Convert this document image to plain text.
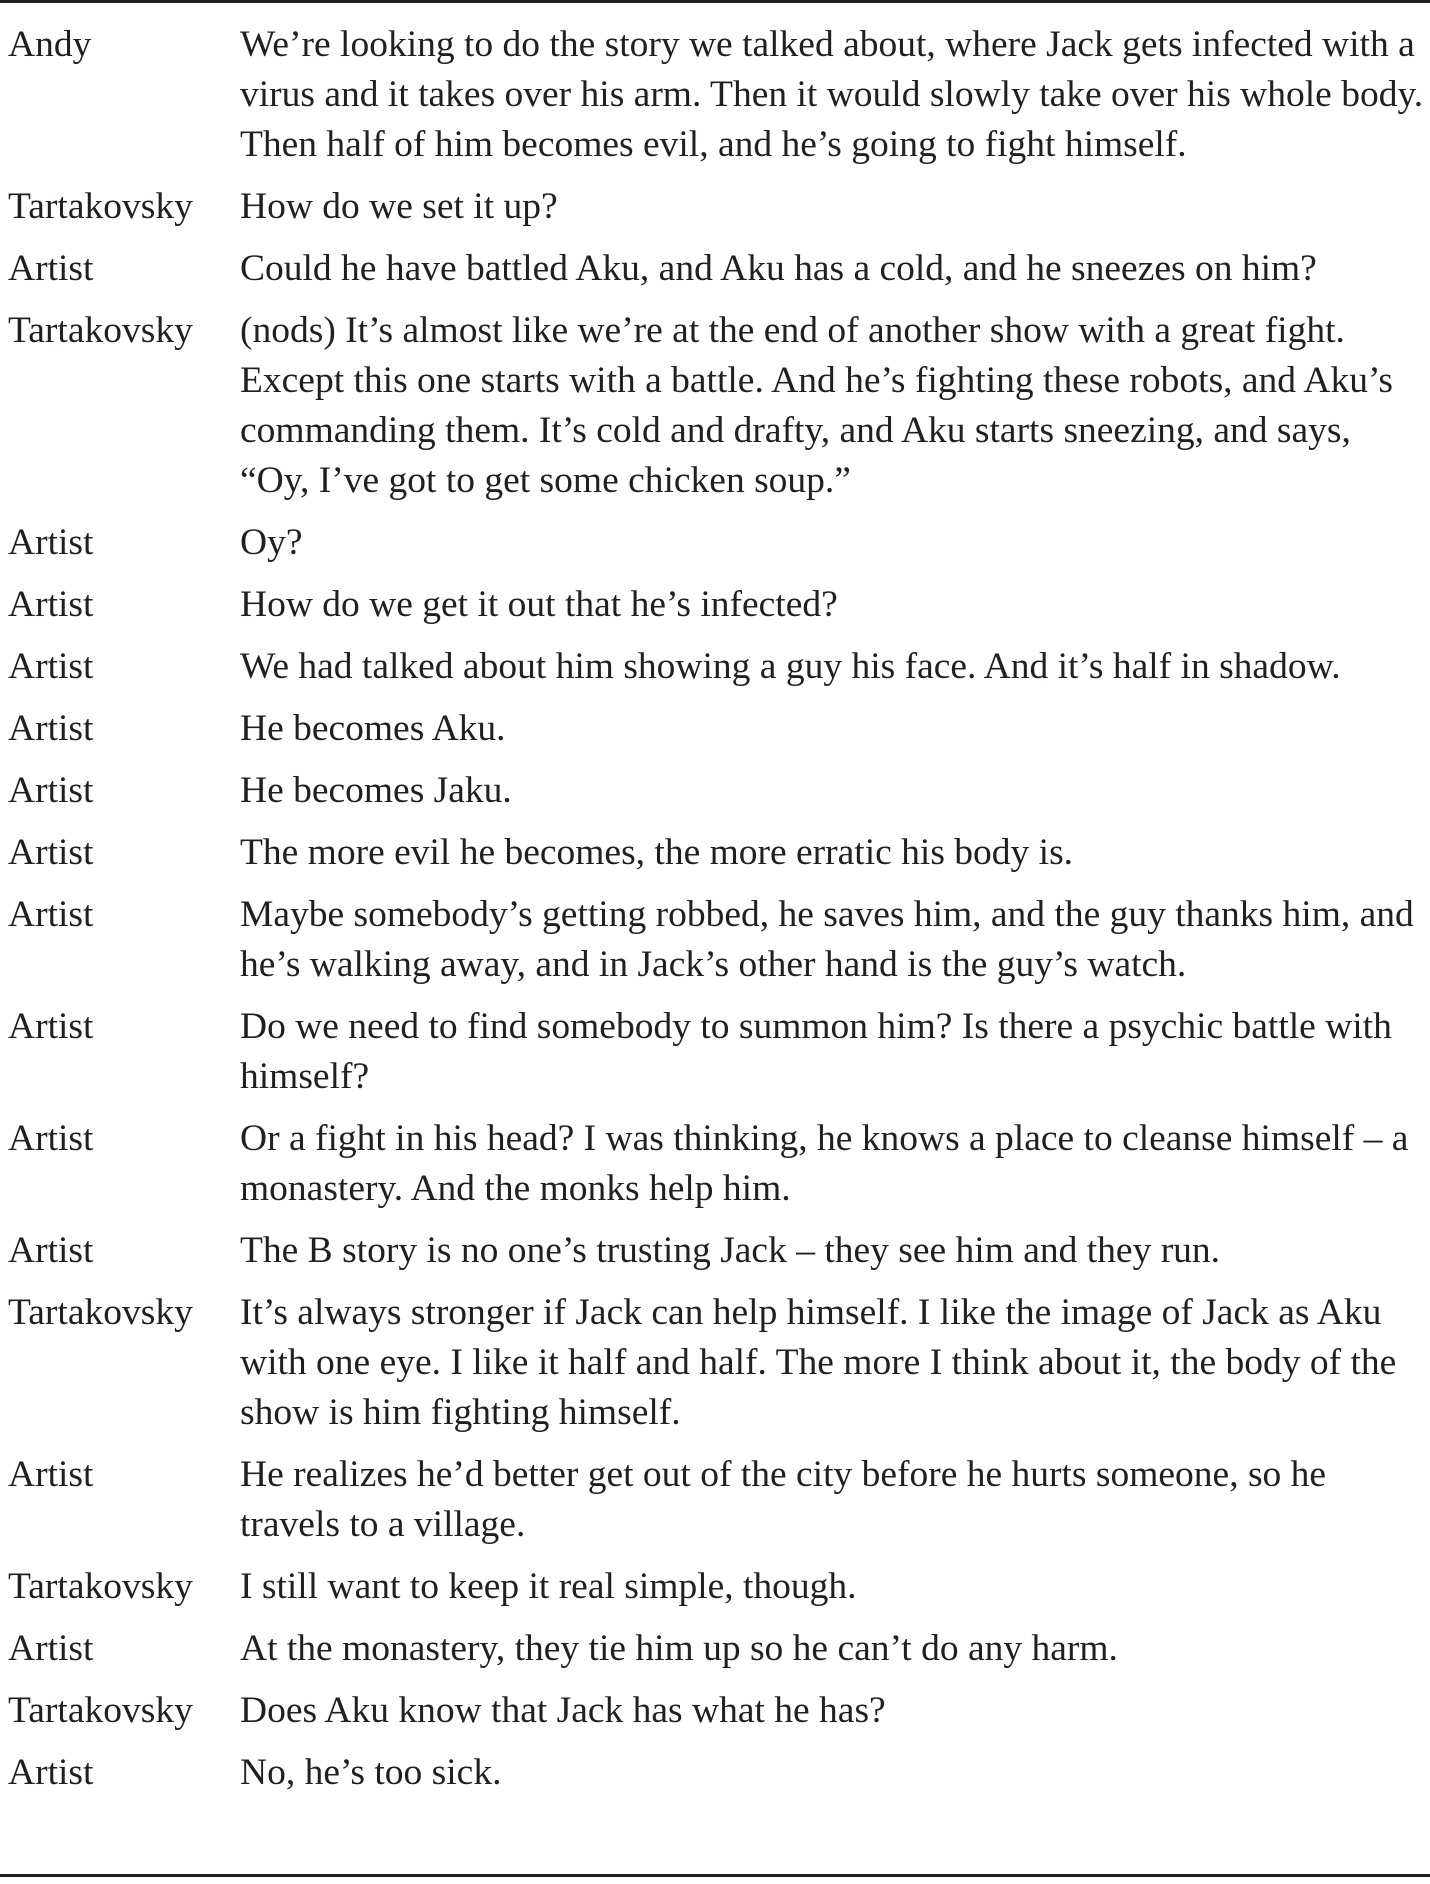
Andy	We’re looking to do the story we talked about, where Jack gets infected with a virus and it takes over his arm. Then it would slowly take over his whole body. Then half of him becomes evil, and he’s going to fight himself.
Tartakovsky	How do we set it up?
Artist	Could he have battled Aku, and Aku has a cold, and he sneezes on him?
Tartakovsky	(nods) It’s almost like we’re at the end of another show with a great fight. Except this one starts with a battle. And he’s fighting these robots, and Aku’s commanding them. It’s cold and drafty, and Aku starts sneezing, and says, “Oy, I’ve got to get some chicken soup.”
Artist	Oy?
Artist	How do we get it out that he’s infected?
Artist	We had talked about him showing a guy his face. And it’s half in shadow.
Artist	He becomes Aku.
Artist	He becomes Jaku.
Artist	The more evil he becomes, the more erratic his body is.
Artist	Maybe somebody’s getting robbed, he saves him, and the guy thanks him, and he’s walking away, and in Jack’s other hand is the guy’s watch.
Artist	Do we need to find somebody to summon him? Is there a psychic battle with himself?
Artist	Or a fight in his head? I was thinking, he knows a place to cleanse himself – a monastery. And the monks help him.
Artist	The B story is no one’s trusting Jack – they see him and they run.
Tartakovsky	It’s always stronger if Jack can help himself. I like the image of Jack as Aku with one eye. I like it half and half. The more I think about it, the body of the show is him fighting himself.
Artist	He realizes he’d better get out of the city before he hurts someone, so he travels to a village.
Tartakovsky	I still want to keep it real simple, though.
Artist	At the monastery, they tie him up so he can’t do any harm.
Tartakovsky	Does Aku know that Jack has what he has?
Artist	No, he’s too sick.
